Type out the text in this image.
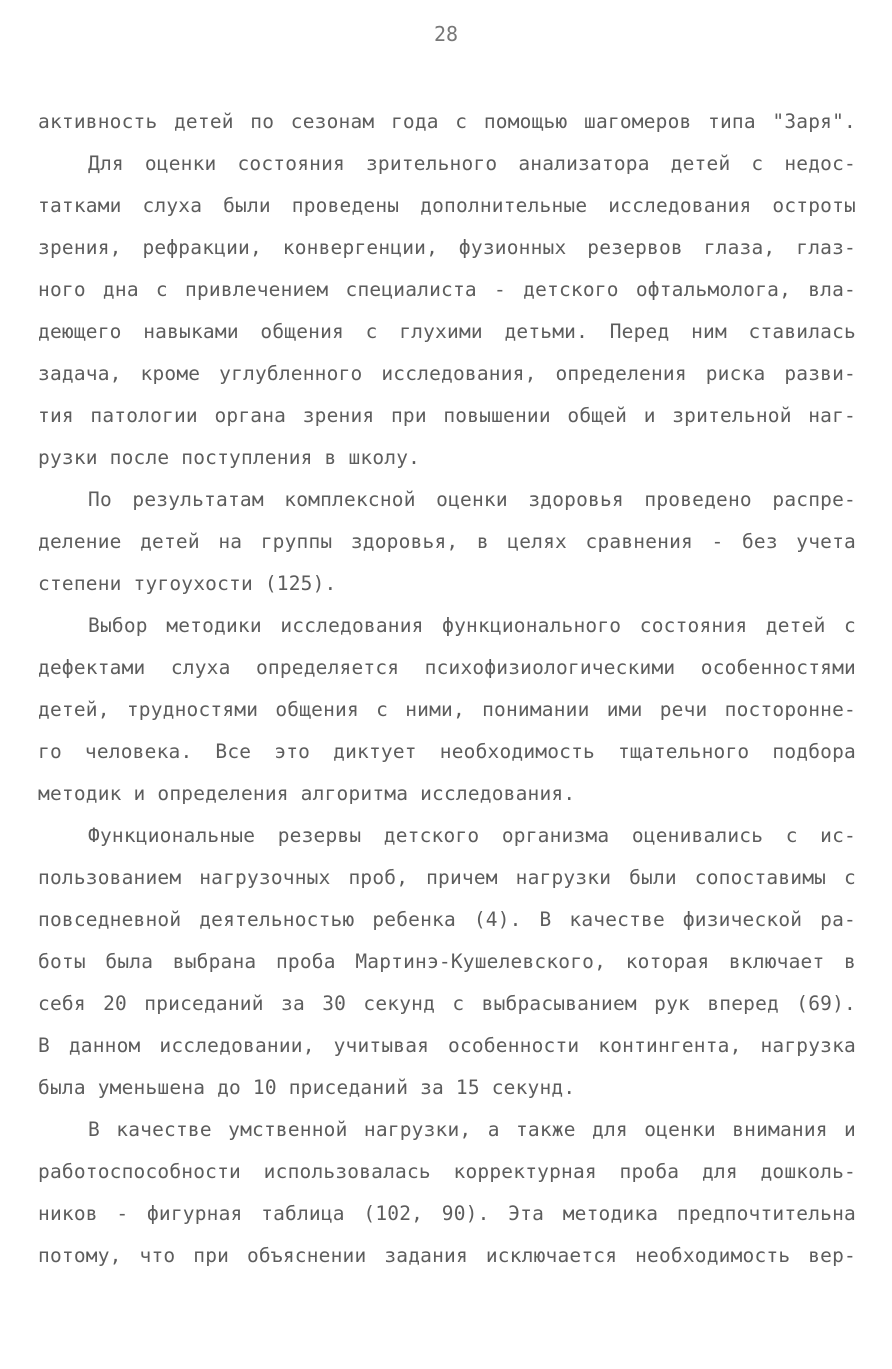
28
активность детей по сезонам года с помощью шагомеров типа "Заря".
Для оценки состояния зрительного анализатора детей с недос-
татками слуха были проведены дополнительные исследования остроты
зрения, рефракции, конвергенции, фузионных резервов глаза, глаз-
ного дна с привлечением специалиста - детского офтальмолога, вла-
деющего навыками общения с глухими детьми. Перед ним ставилась
задача, кроме углубленного исследования, определения риска разви-
тия патологии органа зрения при повышении общей и зрительной наг-
рузки после поступления в школу.
По результатам комплексной оценки здоровья проведено распре-
деление детей на группы здоровья, в целях сравнения - без учета
степени тугоухости (125).
Выбор методики исследования функционального состояния детей с
дефектами слуха определяется психофизиологическими особенностями
детей, трудностями общения с ними, понимании ими речи постороннe-
го человека. Все это диктует необходимость тщательного подбора
методик и определения алгоритма исследования.
Функциональные резервы детского организма оценивались с ис-
пользованием нагрузочных проб, причем нагрузки были сопоставимы с
повседневной деятельностью ребенка (4). В качестве физической ра-
боты была выбрана проба Мартинэ-Кушелевского, которая включает в
себя 20 приседаний за 30 секунд с выбрасыванием рук вперед (69).
В данном исследовании, учитывая особенности контингента, нагрузка
была уменьшена до 10 приседаний за 15 секунд.
В качестве умственной нагрузки, а также для оценки внимания и
работоспособности использовалась корректурная проба для дошколь-
ников - фигурная таблица (102, 90). Эта методика предпочтительна
потому, что при объяснении задания исключается необходимость вер-
